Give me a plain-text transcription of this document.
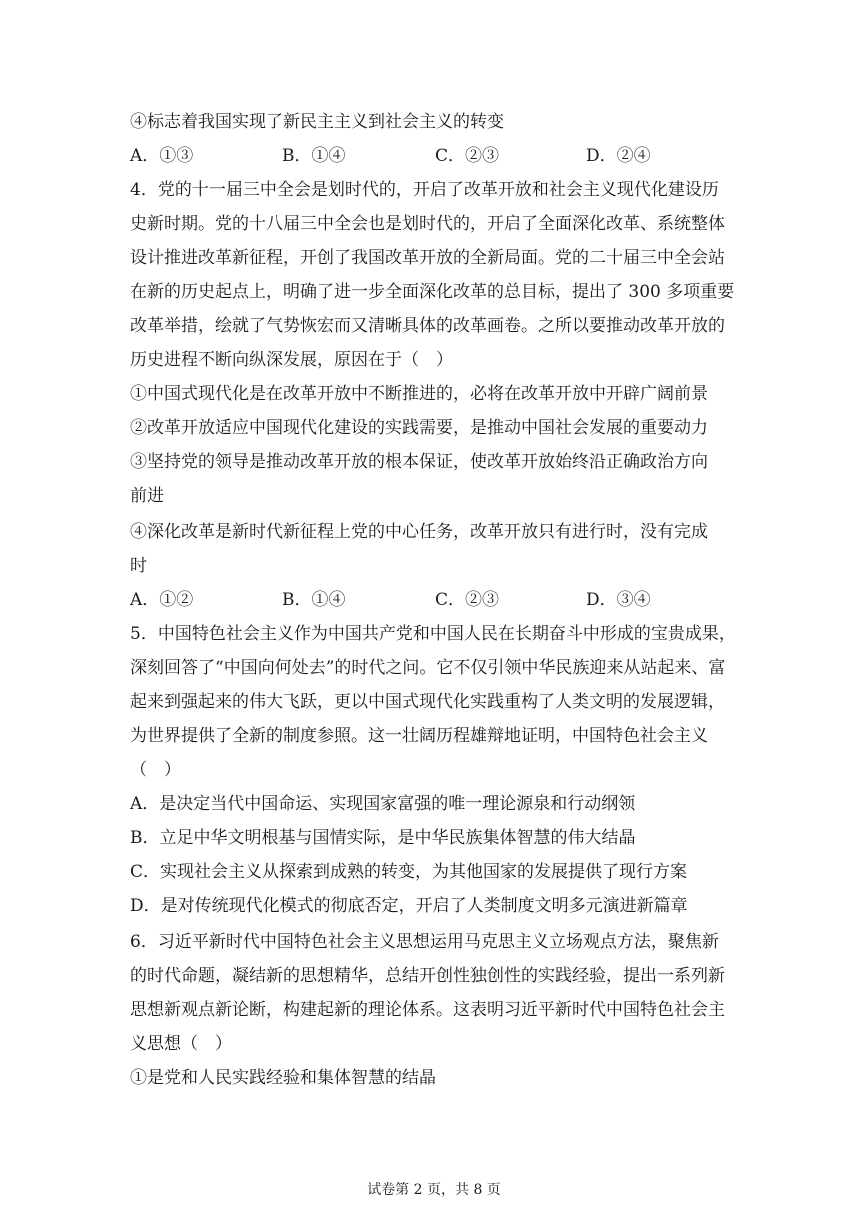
④标志着我国实现了新民主主义到社会主义的转变
A．①③	B．①④	C．②③	D．②④
4．党的十一届三中全会是划时代的，开启了改革开放和社会主义现代化建设历
史新时期。党的十八届三中全会也是划时代的，开启了全面深化改革、系统整体
设计推进改革新征程，开创了我国改革开放的全新局面。党的二十届三中全会站
在新的历史起点上，明确了进一步全面深化改革的总目标，提出了 300 多项重要
改革举措，绘就了气势恢宏而又清晰具体的改革画卷。之所以要推动改革开放的
历史进程不断向纵深发展，原因在于（　）
①中国式现代化是在改革开放中不断推进的，必将在改革开放中开辟广阔前景
②改革开放适应中国现代化建设的实践需要，是推动中国社会发展的重要动力
③坚持党的领导是推动改革开放的根本保证，使改革开放始终沿正确政治方向
前进
④深化改革是新时代新征程上党的中心任务，改革开放只有进行时，没有完成
时
A．①②	B．①④	C．②③	D．③④
5．中国特色社会主义作为中国共产党和中国人民在长期奋斗中形成的宝贵成果，
深刻回答了“中国向何处去”的时代之问。它不仅引领中华民族迎来从站起来、富
起来到强起来的伟大飞跃，更以中国式现代化实践重构了人类文明的发展逻辑，
为世界提供了全新的制度参照。这一壮阔历程雄辩地证明，中国特色社会主义
（　）
A．是决定当代中国命运、实现国家富强的唯一理论源泉和行动纲领
B．立足中华文明根基与国情实际，是中华民族集体智慧的伟大结晶
C．实现社会主义从探索到成熟的转变，为其他国家的发展提供了现行方案
D．是对传统现代化模式的彻底否定，开启了人类制度文明多元演进新篇章
6．习近平新时代中国特色社会主义思想运用马克思主义立场观点方法，聚焦新
的时代命题，凝结新的思想精华，总结开创性独创性的实践经验，提出一系列新
思想新观点新论断，构建起新的理论体系。这表明习近平新时代中国特色社会主
义思想（　）
①是党和人民实践经验和集体智慧的结晶
试卷第 2 页，共 8 页
